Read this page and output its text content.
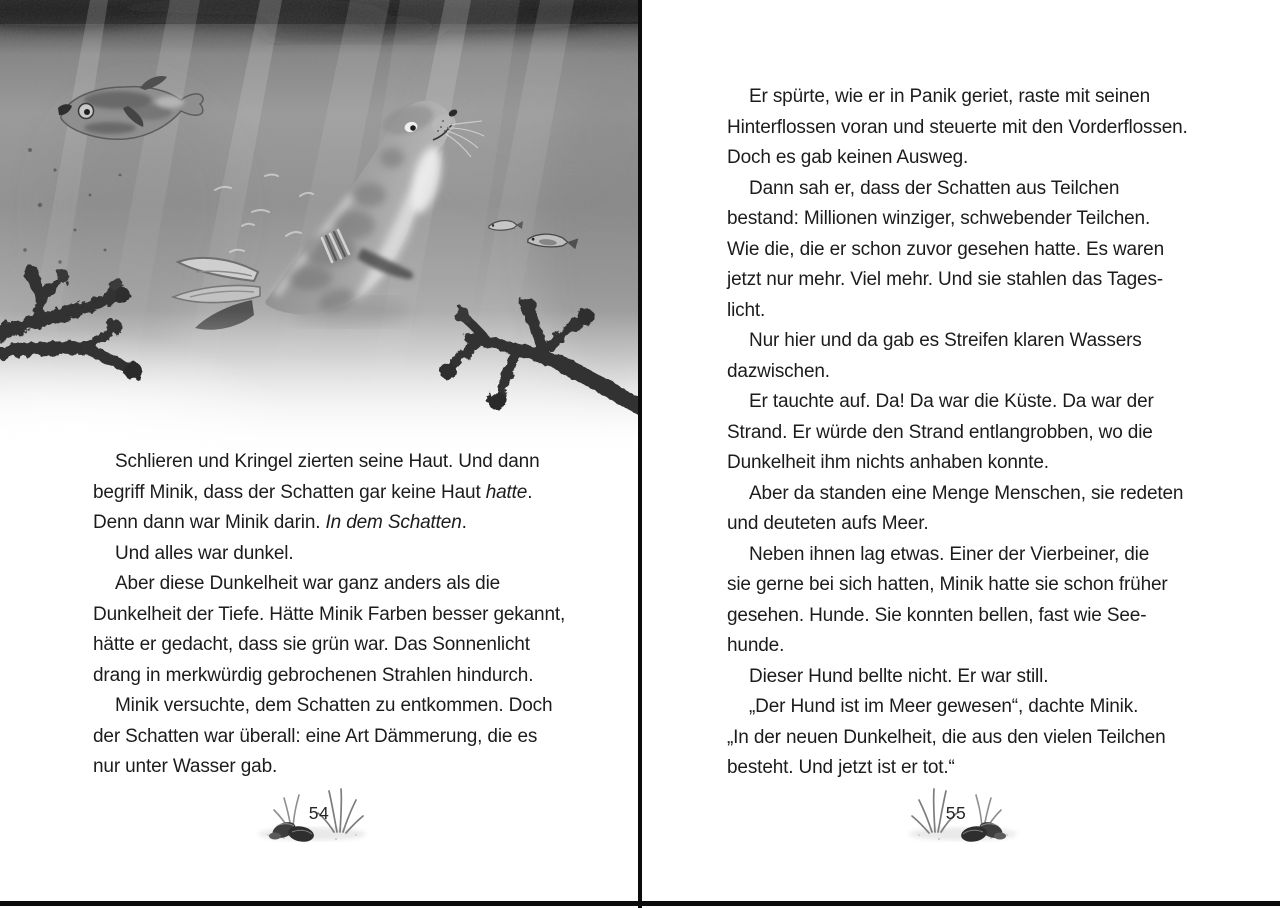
Schlieren und Kringel zierten seine Haut. Und dann
begriff Minik, dass der Schatten gar keine Haut hatte.
Denn dann war Minik darin. In dem Schatten.
Und alles war dunkel.
Aber diese Dunkelheit war ganz anders als die
Dunkelheit der Tiefe. Hätte Minik Farben besser gekannt,
hätte er gedacht, dass sie grün war. Das Sonnenlicht
drang in merkwürdig gebrochenen Strahlen hindurch.
Minik versuchte, dem Schatten zu entkommen. Doch
der Schatten war überall: eine Art Dämmerung, die es
nur unter Wasser gab.
54
Er spürte, wie er in Panik geriet, raste mit seinen
Hinterflossen voran und steuerte mit den Vorderflossen.
Doch es gab keinen Ausweg.
Dann sah er, dass der Schatten aus Teilchen
bestand: Millionen winziger, schwebender Teilchen.
Wie die, die er schon zuvor gesehen hatte. Es waren
jetzt nur mehr. Viel mehr. Und sie stahlen das Tages-
licht.
Nur hier und da gab es Streifen klaren Wassers
dazwischen.
Er tauchte auf. Da! Da war die Küste. Da war der
Strand. Er würde den Strand entlangrobben, wo die
Dunkelheit ihm nichts anhaben konnte.
Aber da standen eine Menge Menschen, sie redeten
und deuteten aufs Meer.
Neben ihnen lag etwas. Einer der Vierbeiner, die
sie gerne bei sich hatten, Minik hatte sie schon früher
gesehen. Hunde. Sie konnten bellen, fast wie See-
hunde.
Dieser Hund bellte nicht. Er war still.
„Der Hund ist im Meer gewesen“, dachte Minik.
„In der neuen Dunkelheit, die aus den vielen Teilchen
besteht. Und jetzt ist er tot.“
55
